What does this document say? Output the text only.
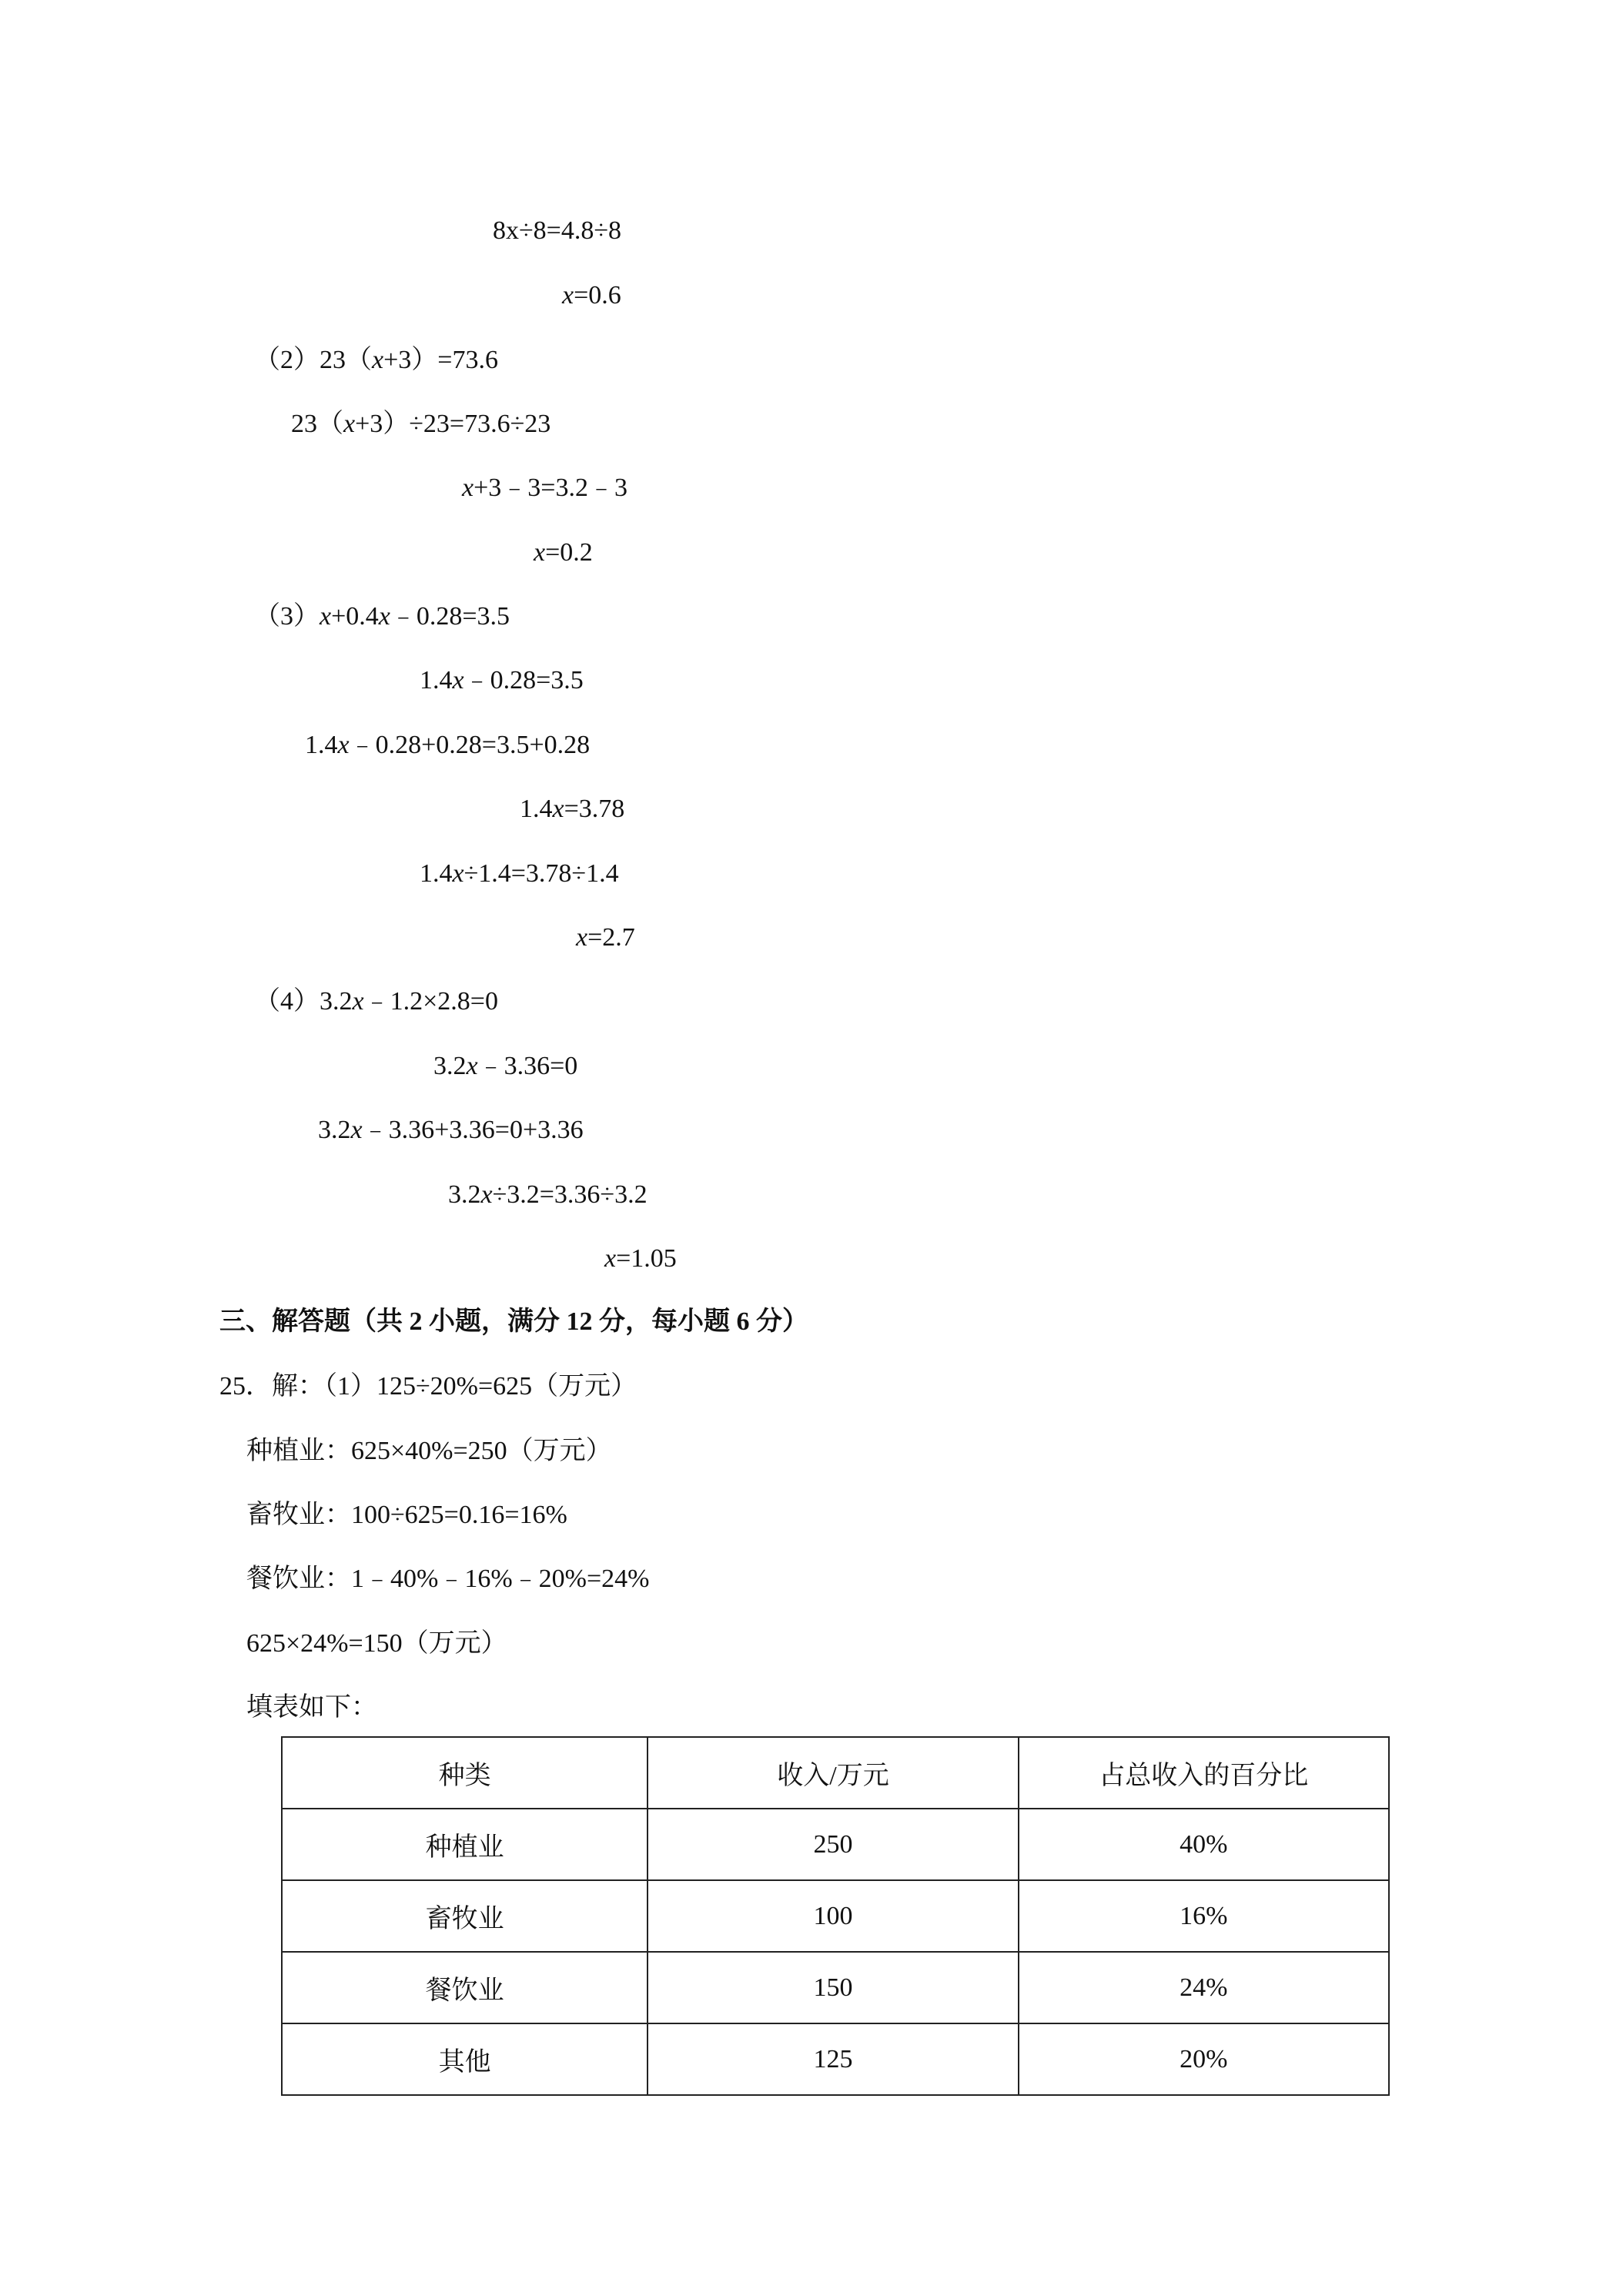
8x÷8=4.8÷8
x=0.6
（2）23（x+3）=73.6
23（x+3）÷23=73.6÷23
x+3﹣3=3.2﹣3
x=0.2
（3）x+0.4x﹣0.28=3.5
1.4x﹣0.28=3.5
1.4x﹣0.28+0.28=3.5+0.28
1.4x=3.78
1.4x÷1.4=3.78÷1.4
x=2.7
（4）3.2x﹣1.2×2.8=0
3.2x﹣3.36=0
3.2x﹣3.36+3.36=0+3.36
3.2x÷3.2=3.36÷3.2
x=1.05
三、解答题（共 2 小题，满分 12 分，每小题 6 分）
25．解：（1）125÷20%=625（万元）
种植业：625×40%=250（万元）
畜牧业：100÷625=0.16=16%
餐饮业：1﹣40%﹣16%﹣20%=24%
625×24%=150（万元）
填表如下：
种类	收入/万元	占总收入的百分比
种植业	250	40%
畜牧业	100	16%
餐饮业	150	24%
其他	125	20%
